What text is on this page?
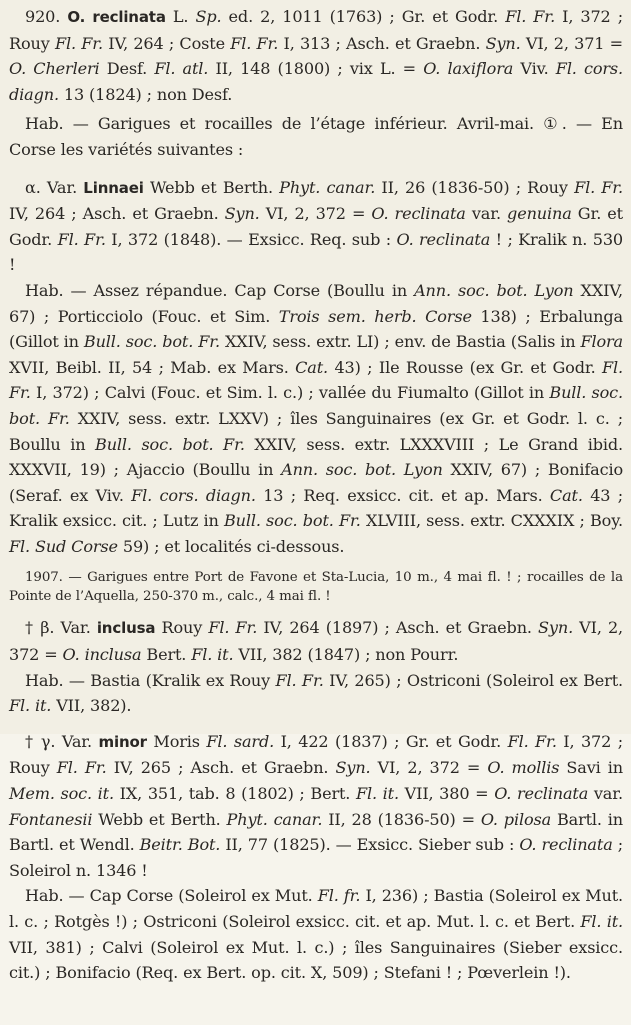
920. O. reclinata L. Sp. ed. 2, 1011 (1763) ; Gr. et Godr. Fl. Fr. I, 372 ; Rouy Fl. Fr. IV, 264 ; Coste Fl. Fr. I, 313 ; Asch. et Graebn. Syn. VI, 2, 371 = O. Cherleri Desf. Fl. atl. II, 148 (1800) ; vix L. = O. laxiflora Viv. Fl. cors. diagn. 13 (1824) ; non Desf.

Hab. — Garigues et rocailles de l’étage inférieur. Avril-mai. ①. — En Corse les variétés suivantes :

α. Var. Linnaei Webb et Berth. Phyt. canar. II, 26 (1836-50) ; Rouy Fl. Fr. IV, 264 ; Asch. et Graebn. Syn. VI, 2, 372 = O. reclinata var. genuina Gr. et Godr. Fl. Fr. I, 372 (1848). — Exsicc. Req. sub : O. reclinata ! ; Kralik n. 530 !

Hab. — Assez répandue. Cap Corse (Boullu in Ann. soc. bot. Lyon XXIV, 67) ; Porticciolo (Fouc. et Sim. Trois sem. herb. Corse 138) ; Erbalunga (Gillot in Bull. soc. bot. Fr. XXIV, sess. extr. LI) ; env. de Bastia (Salis in Flora XVII, Beibl. II, 54 ; Mab. ex Mars. Cat. 43) ; Ile Rousse (ex Gr. et Godr. Fl. Fr. I, 372) ; Calvi (Fouc. et Sim. l. c.) ; vallée du Fiumalto (Gillot in Bull. soc. bot. Fr. XXIV, sess. extr. LXXV) ; îles Sanguinaires (ex Gr. et Godr. l. c. ; Boullu in Bull. soc. bot. Fr. XXIV, sess. extr. LXXXVIII ; Le Grand ibid. XXXVII, 19) ; Ajaccio (Boullu in Ann. soc. bot. Lyon XXIV, 67) ; Bonifacio (Seraf. ex Viv. Fl. cors. diagn. 13 ; Req. exsicc. cit. et ap. Mars. Cat. 43 ; Kralik exsicc. cit. ; Lutz in Bull. soc. bot. Fr. XLVIII, sess. extr. CXXXIX ; Boy. Fl. Sud Corse 59) ; et localités ci-dessous.

1907. — Garigues entre Port de Favone et Sta-Lucia, 10 m., 4 mai fl. ! ; rocailles de la Pointe de l’Aquella, 250-370 m., calc., 4 mai fl. !

† β. Var. inclusa Rouy Fl. Fr. IV, 264 (1897) ; Asch. et Graebn. Syn. VI, 2, 372 = O. inclusa Bert. Fl. it. VII, 382 (1847) ; non Pourr.

Hab. — Bastia (Kralik ex Rouy Fl. Fr. IV, 265) ; Ostriconi (Soleirol ex Bert. Fl. it. VII, 382).

† γ. Var. minor Moris Fl. sard. I, 422 (1837) ; Gr. et Godr. Fl. Fr. I, 372 ; Rouy Fl. Fr. IV, 265 ; Asch. et Graebn. Syn. VI, 2, 372 = O. mollis Savi in Mem. soc. it. IX, 351, tab. 8 (1802) ; Bert. Fl. it. VII, 380 = O. reclinata var. Fontanesii Webb et Berth. Phyt. canar. II, 28 (1836-50) = O. pilosa Bartl. in Bartl. et Wendl. Beitr. Bot. II, 77 (1825). — Exsicc. Sieber sub : O. reclinata ; Soleirol n. 1346 !

Hab. — Cap Corse (Soleirol ex Mut. Fl. fr. I, 236) ; Bastia (Soleirol ex Mut. l. c. ; Rotgès !) ; Ostriconi (Soleirol exsicc. cit. et ap. Mut. l. c. et Bert. Fl. it. VII, 381) ; Calvi (Soleirol ex Mut. l. c.) ; îles Sanguinaires (Sieber exsicc. cit.) ; Bonifacio (Req. ex Bert. op. cit. X, 509) ; Stefani ! ; Pœverlein !).
